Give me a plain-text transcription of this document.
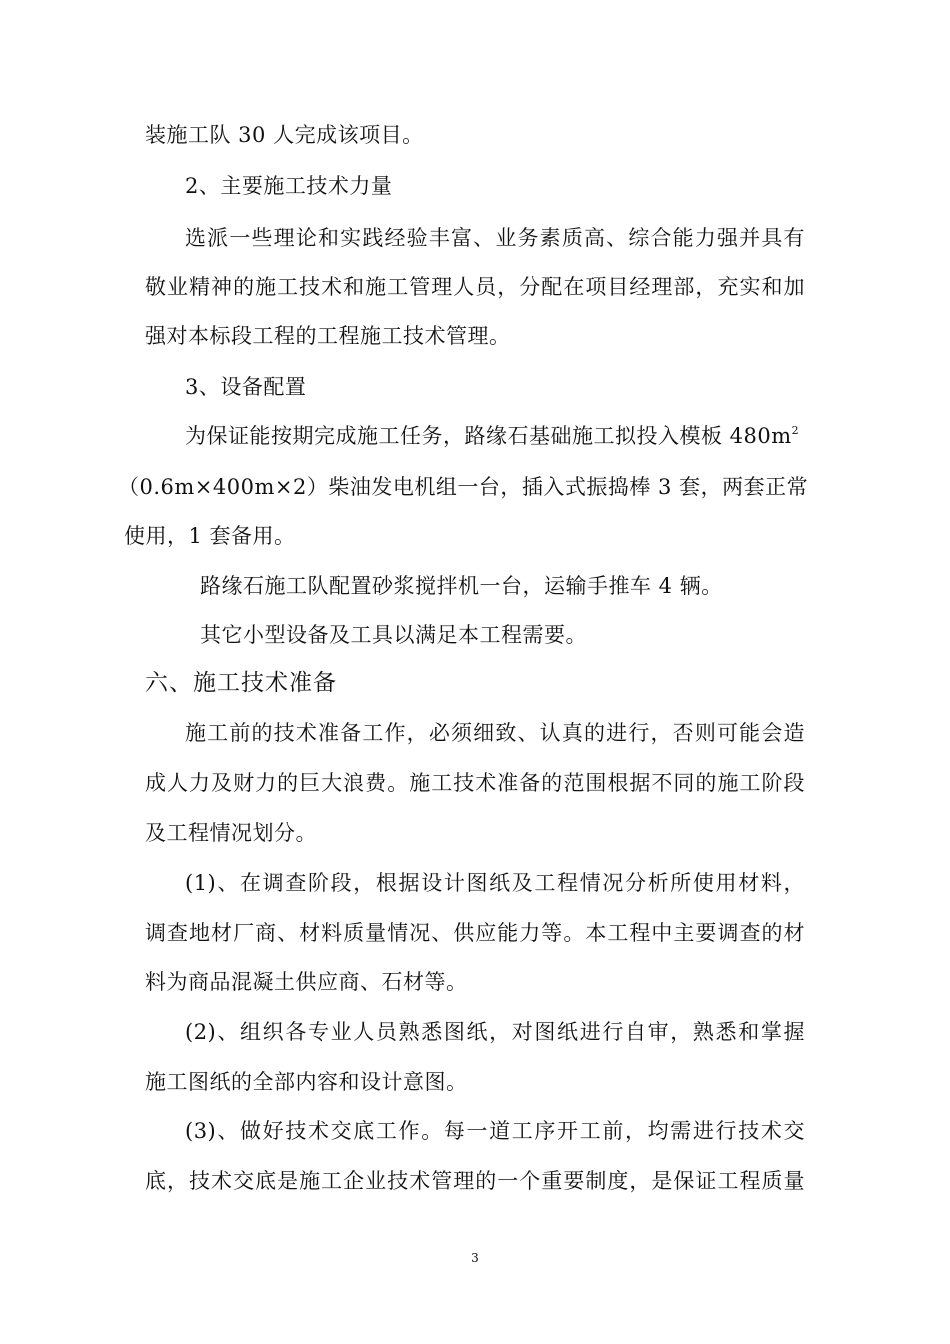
装施工队 30 人完成该项目。
2、主要施工技术力量
选派一些理论和实践经验丰富、业务素质高、综合能力强并具有
敬业精神的施工技术和施工管理人员，分配在项目经理部，充实和加
强对本标段工程的工程施工技术管理。
3、设备配置
为保证能按期完成施工任务，路缘石基础施工拟投入模板 $480m^2$
（0.6m×400m×2）柴油发电机组一台，插入式振捣棒 3 套，两套正常
使用，1 套备用。
路缘石施工队配置砂浆搅拌机一台，运输手推车 4 辆。
其它小型设备及工具以满足本工程需要。
六、施工技术准备
施工前的技术准备工作，必须细致、认真的进行，否则可能会造
成人力及财力的巨大浪费。施工技术准备的范围根据不同的施工阶段
及工程情况划分。
(1)、在调查阶段，根据设计图纸及工程情况分析所使用材料，
调查地材厂商、材料质量情况、供应能力等。本工程中主要调查的材
料为商品混凝土供应商、石材等。
(2)、组织各专业人员熟悉图纸，对图纸进行自审，熟悉和掌握
施工图纸的全部内容和设计意图。
(3)、做好技术交底工作。每一道工序开工前，均需进行技术交
底，技术交底是施工企业技术管理的一个重要制度，是保证工程质量
3
